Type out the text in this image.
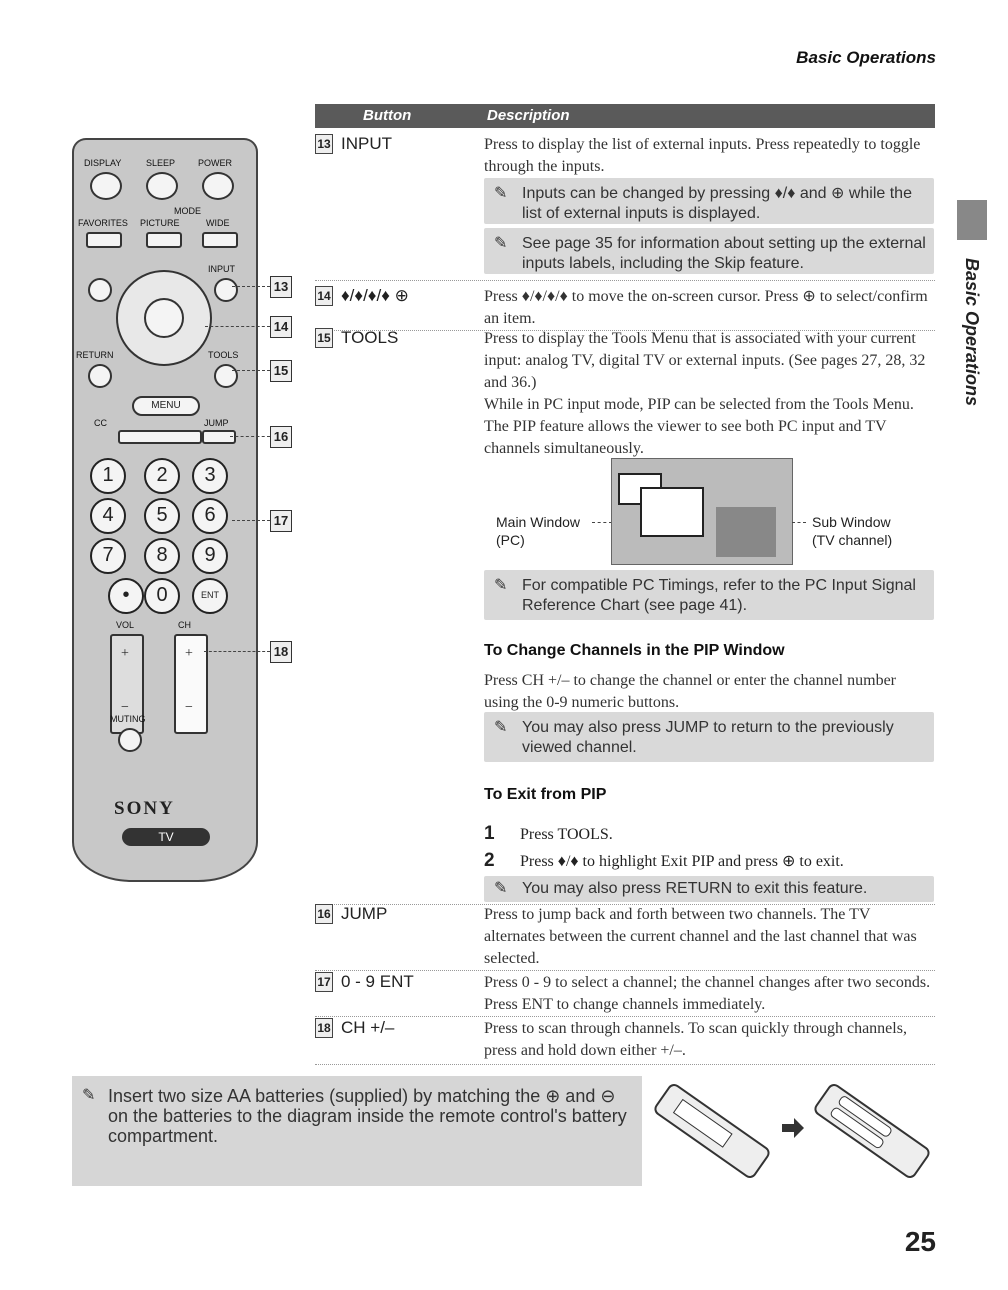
Basic Operations
Basic Operations
25
DISPLAY	SLEEP	POWER
MODE
FAVORITES PICTURE	WIDE
INPUT
RETURN	TOOLS
MENU
CC	JUMP
1	2	3
4	5	6
7	8	9
•	0	ENT
VOL	CH
+
−
+
−
MUTING
SONY
TV
13
14
15
16
17
18
Button	Description
13 INPUT	Press to display the list of external inputs. Press repeatedly to toggle through the inputs.
✎ Inputs can be changed by pressing ♦/♦ and ⊕ while the list of external inputs is displayed.
✎ See page 35 for information about setting up the external inputs labels, including the Skip feature.
14 ♦/♦/♦/♦ ⊕	Press ♦/♦/♦/♦ to move the on-screen cursor. Press ⊕ to select/confirm an item.
15 TOOLS	Press to display the Tools Menu that is associated with your current input: analog TV, digital TV or external inputs. (See pages 27, 28, 32 and 36.)
While in PC input mode, PIP can be selected from the Tools Menu. The PIP feature allows the viewer to see both PC input and TV channels simultaneously.
Main Window
(PC)
Sub Window
(TV channel)
✎ For compatible PC Timings, refer to the PC Input Signal Reference Chart (see page 41).
To Change Channels in the PIP Window
Press CH +/– to change the channel or enter the channel number using the 0-9 numeric buttons.
✎ You may also press JUMP to return to the previously viewed channel.
To Exit from PIP
1 Press TOOLS.
2 Press ♦/♦ to highlight Exit PIP and press ⊕ to exit.
✎ You may also press RETURN to exit this feature.
16 JUMP	Press to jump back and forth between two channels. The TV alternates between the current channel and the last channel that was selected.
17 0 - 9 ENT	Press 0 - 9 to select a channel; the channel changes after two seconds. Press ENT to change channels immediately.
18 CH +/–	Press to scan through channels. To scan quickly through channels, press and hold down either +/–.
✎ Insert two size AA batteries (supplied) by matching the ⊕ and ⊖ on the batteries to the diagram inside the remote control's battery compartment.
